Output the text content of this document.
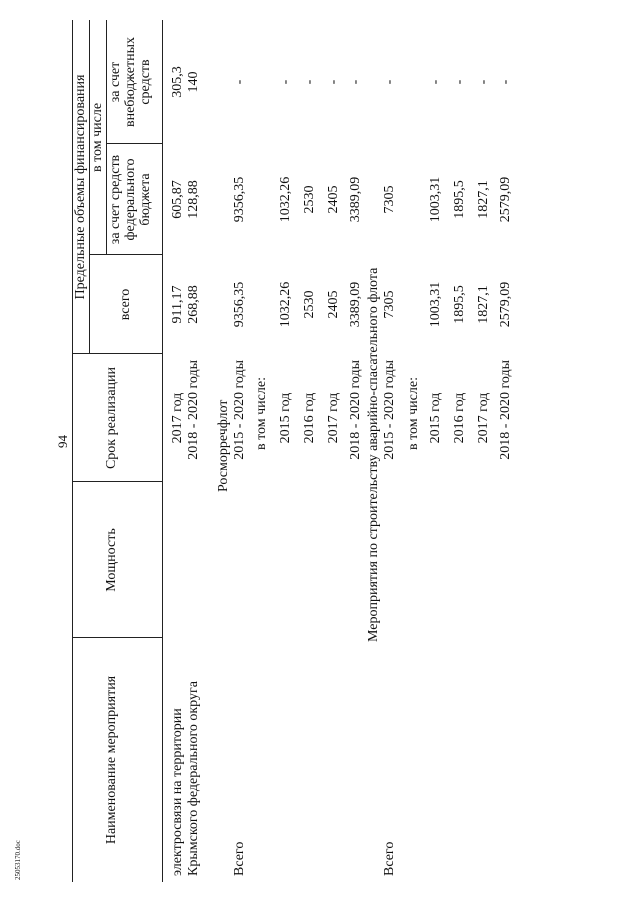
94
25053170.doc
Наименование мероприятия
Мощность
Срок реализации
Предельные объемы финансирования
всего
в том числе
за счет средств федерального бюджета
за счет внебюджетных средств
электросвязи на территории Крымского федерального округа
2017 год
911,17
605,87
305,3
2018 - 2020 годы
268,88
128,88
140
Росморречфлот
Всего
2015 - 2020 годы
9356,35
9356,35
-
в том числе: 2015 год
1032,26
1032,26
-
2016 год
2530
2530
-
2017 год
2405
2405
-
2018 - 2020 годы
3389,09
3389,09
-
Мероприятия по строительству аварийно-спасательного флота
Всего
2015 - 2020 годы
7305
7305
-
в том числе: 2015 год
1003,31
1003,31
-
2016 год
1895,5
1895,5
-
2017 год
1827,1
1827,1
-
2018 - 2020 годы
2579,09
2579,09
-
